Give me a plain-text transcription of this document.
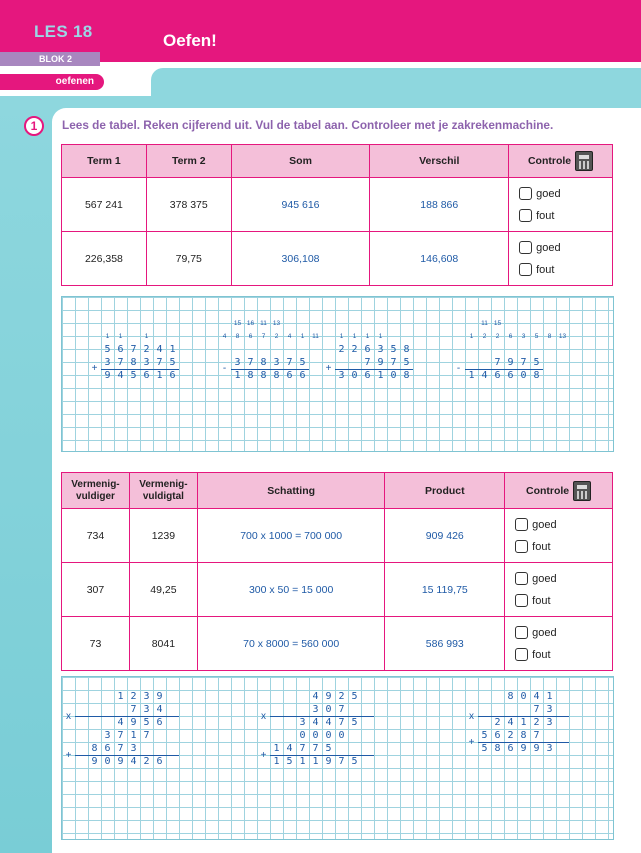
LES 18
BLOK 2
Oefen!
oefenen
1	Lees de tabel. Reken cijferend uit. Vul de tabel aan. Controleer met je zakrekenmachine.
Term 1	Term 2	Som	Verschil	Controle
567 241	378 375	945 616	188 866	goed
fout

226,358	79,75	306,108	146,608	goed
fout
1	1	1
5 6 7 2 4 1
3 7 8 3 7 5
+
9 4 5 6 1 6
15 16 11 13
4	8	6	7	2	4	1	11
3 7 8 3 7 5
-
1 8 8 8 6 6
1	1	1	1
2 2 6 3 5 8
7 9 7 5
+
3 0 6 1 0 8
11 15
1	2	2	6	3	5	8	13
7 9 7 5
-
1 4 6 6 0 8
Vermenig-
vuldiger	Vermenig-
vuldigtal	Schatting	Product	Controle
734	1239	700 x 1000 = 700 000	909 426	goed
fout

307	49,25	300 x 50 = 15 000	15 119,75	goed
fout

73	8041	70 x 8000 = 560 000	586 993	goed
fout
1 2 3 9
7 3 4
x
4 9 5 6
3 7 1 7
8 6 7 3
+
9 0 9 4 2 6
4 9 2 5
3 0 7
x
3 4 4 7 5
0 0 0 0
1 4 7 7 5
+
1 5 1 1 9 7 5
8 0 4 1
7 3
x
2 4 1 2 3
5 6 2 8 7
+
5 8 6 9 9 3
